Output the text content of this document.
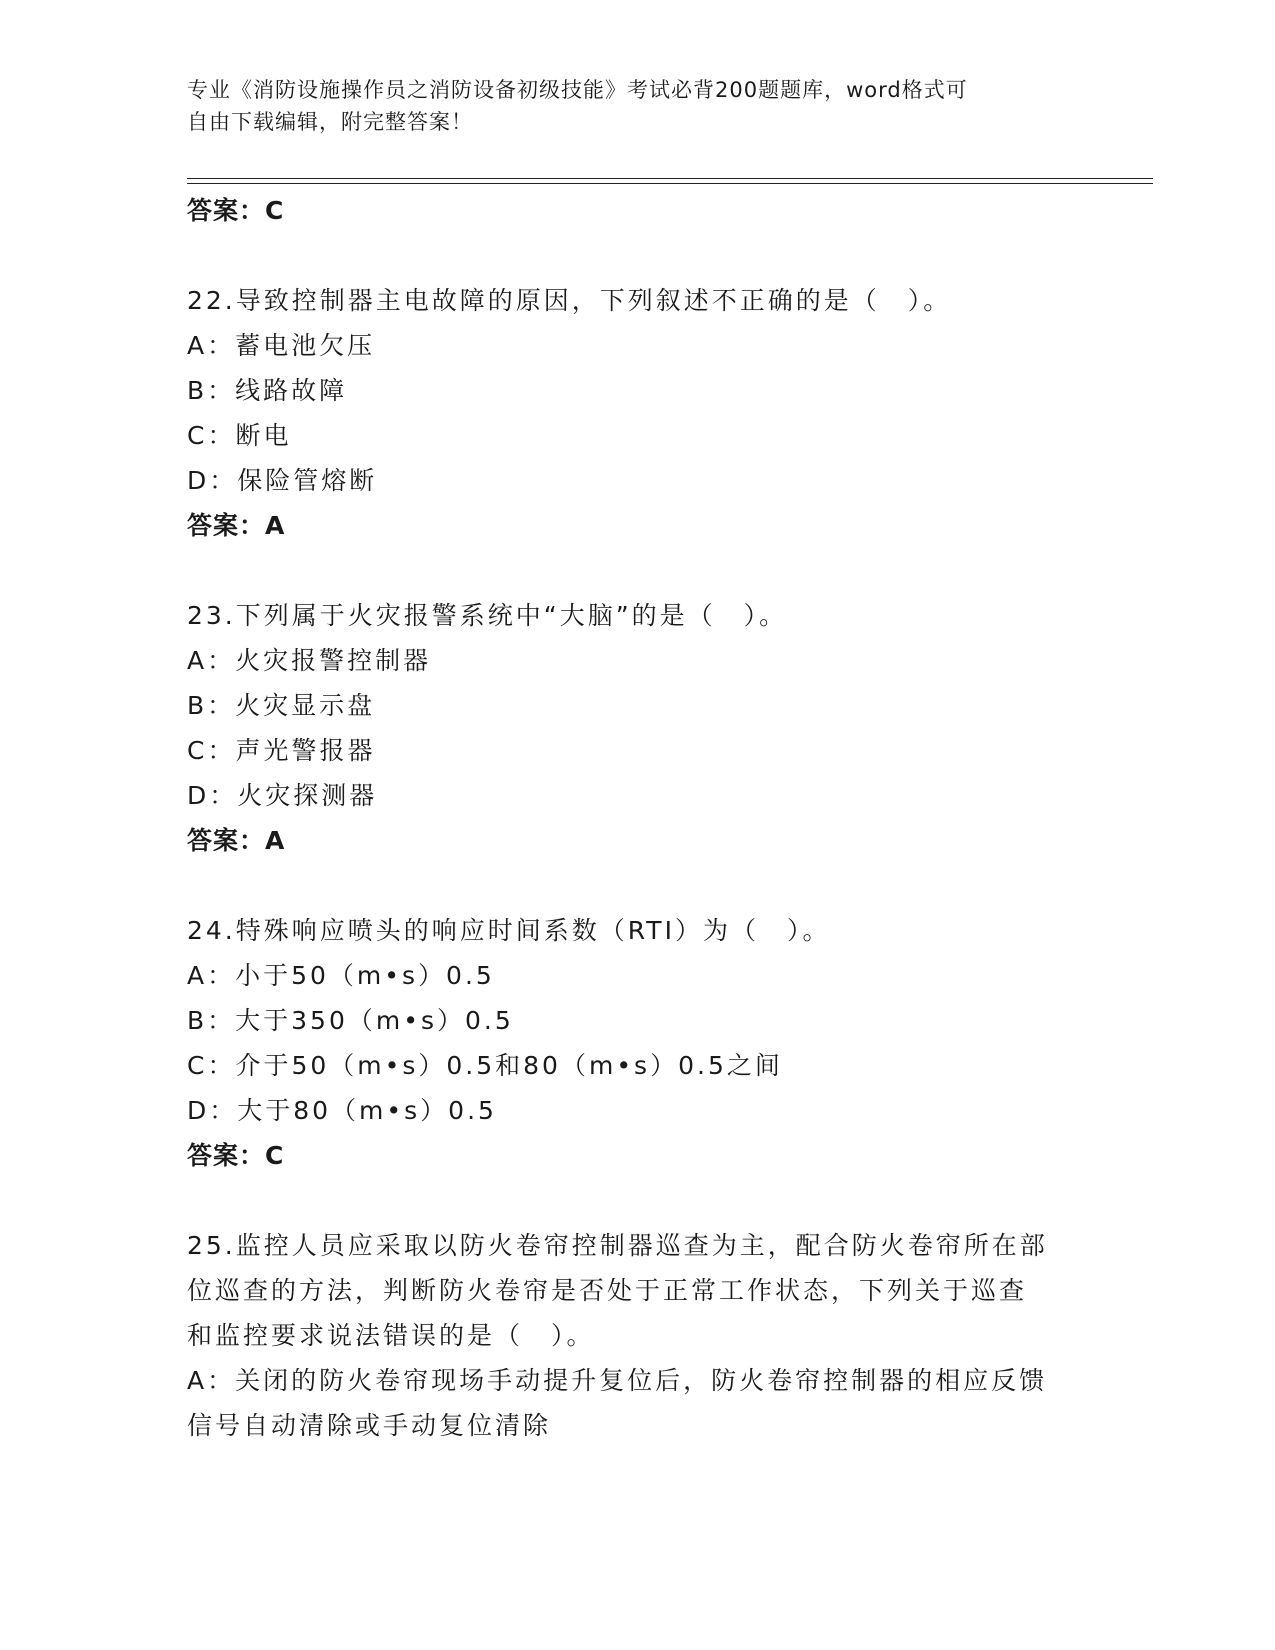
专业《消防设施操作员之消防设备初级技能》考试必背200题题库，word格式可
自由下载编辑，附完整答案！
答案：C
22.导致控制器主电故障的原因，下列叙述不正确的是（　）。
A：蓄电池欠压
B：线路故障
C：断电
D：保险管熔断
答案：A
23.下列属于火灾报警系统中“大脑”的是（　）。
A：火灾报警控制器
B：火灾显示盘
C：声光警报器
D：火灾探测器
答案：A
24.特殊响应喷头的响应时间系数（RTI）为（　）。
A：小于50（m•s）0.5
B：大于350（m•s）0.5
C：介于50（m•s）0.5和80（m•s）0.5之间
D：大于80（m•s）0.5
答案：C
25.监控人员应采取以防火卷帘控制器巡查为主，配合防火卷帘所在部
位巡查的方法，判断防火卷帘是否处于正常工作状态，下列关于巡查
和监控要求说法错误的是（　）。
A：关闭的防火卷帘现场手动提升复位后，防火卷帘控制器的相应反馈
信号自动清除或手动复位清除
